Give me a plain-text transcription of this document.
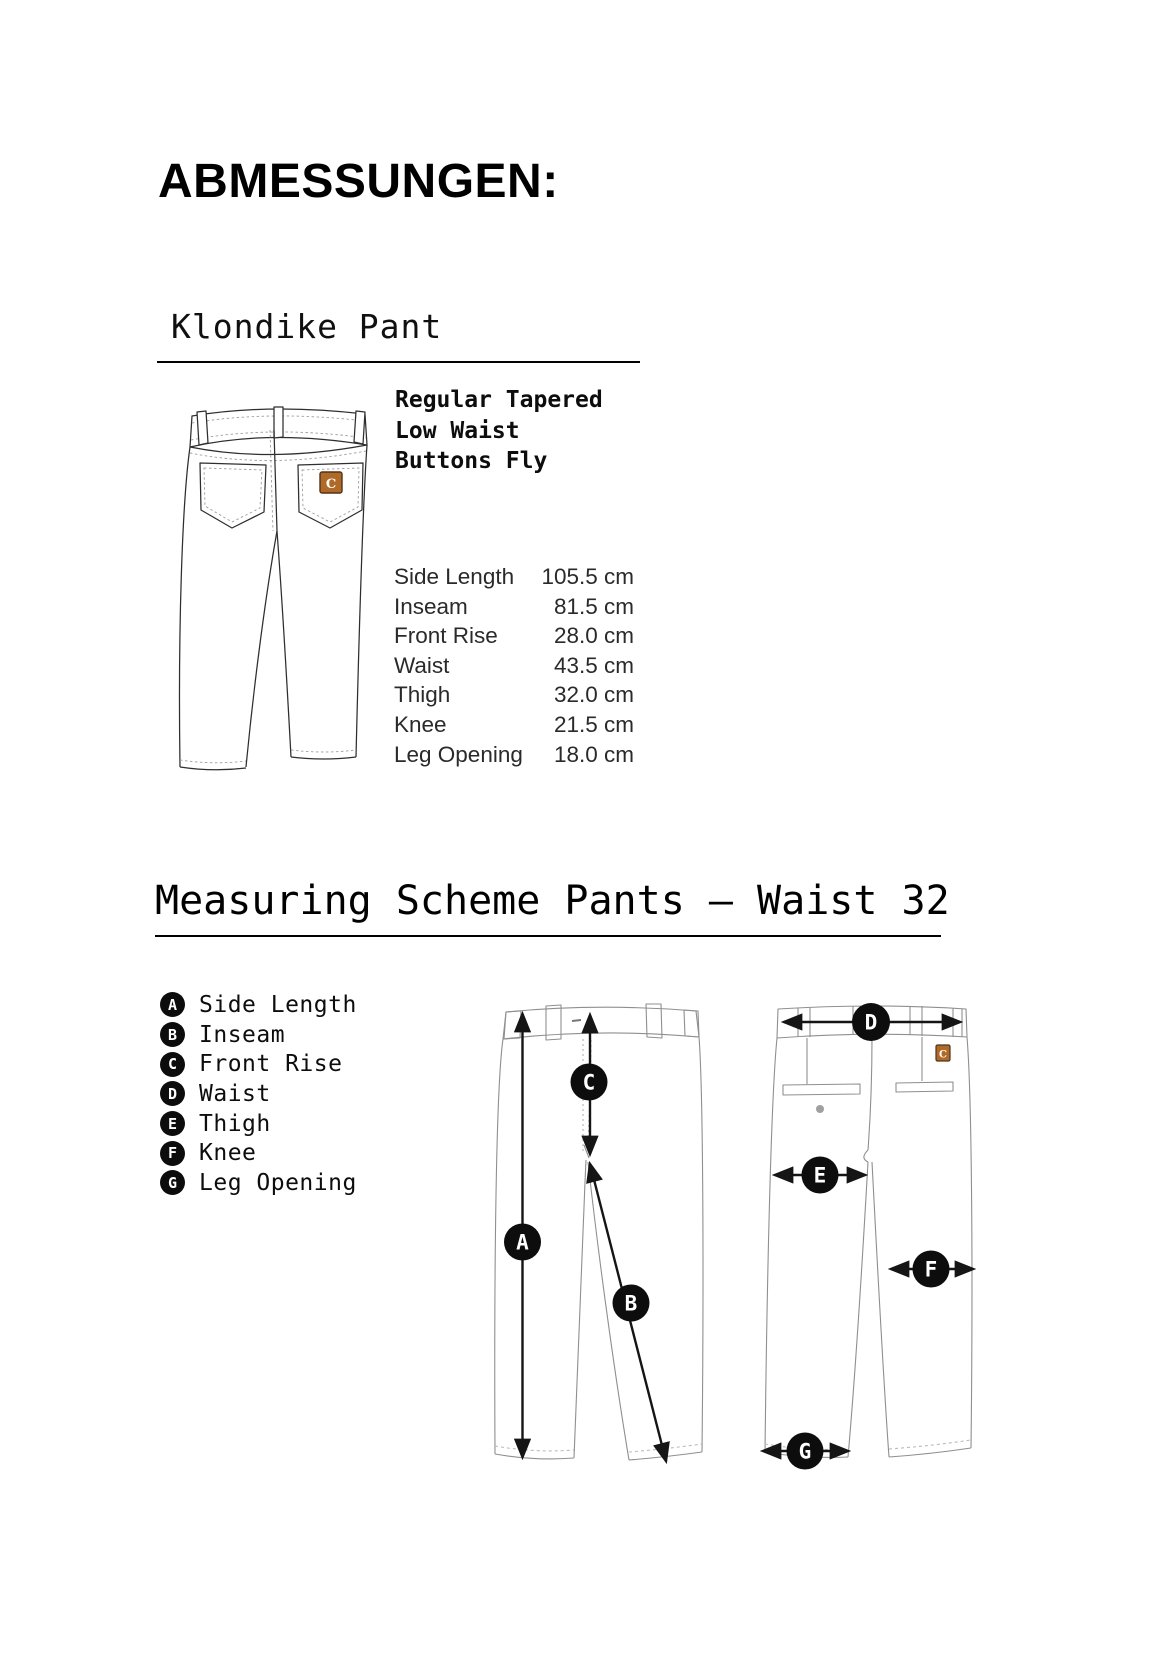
ABMESSUNGEN:
Klondike Pant
C
Regular Tapered
Low Waist
Buttons Fly
Side Length 105.5 cm
Inseam	81.5 cm
Front Rise 28.0 cm
Waist	43.5 cm
Thigh	32.0 cm
Knee	21.5 cm
Leg Opening 18.0 cm
Measuring Scheme Pants – Waist 32
A Side Length
B Inseam
C Front Rise
D Waist
E Thigh
F Knee
G Leg Opening
C
A
B
C
D
E
F
G
